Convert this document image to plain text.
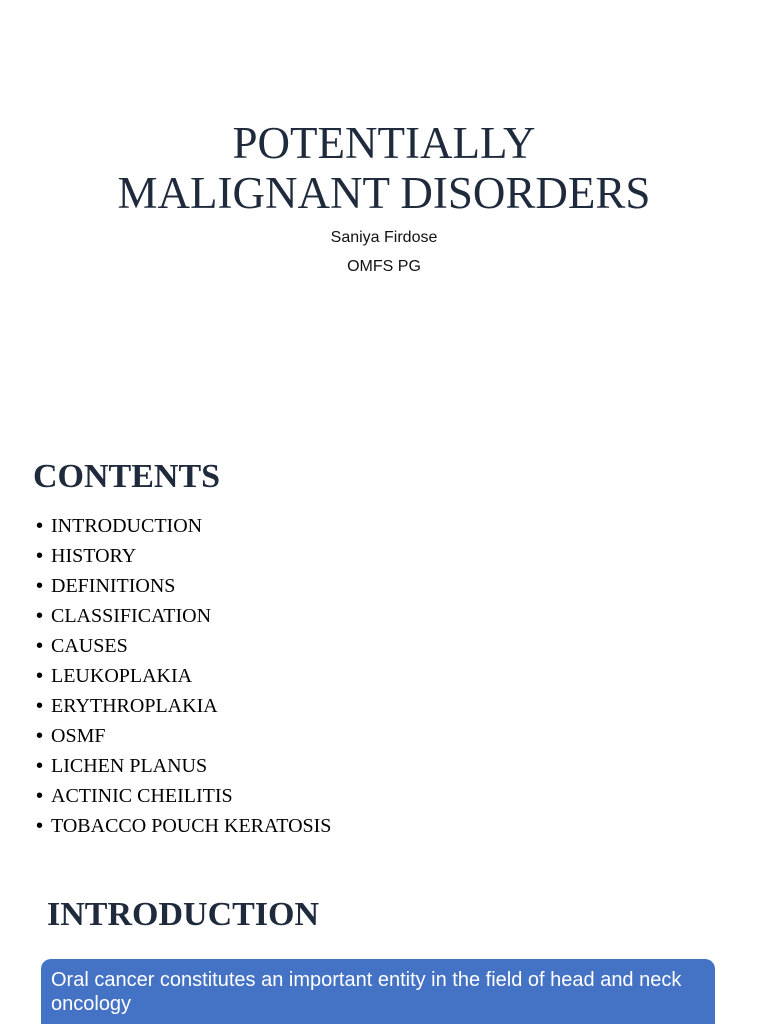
POTENTIALLY
MALIGNANT DISORDERS

Saniya Firdose

OMFS PG

CONTENTS
• INTRODUCTION
• HISTORY
• DEFINITIONS
• CLASSIFICATION
• CAUSES
• LEUKOPLAKIA
• ERYTHROPLAKIA
• OSMF
• LICHEN PLANUS
• ACTINIC CHEILITIS
• TOBACCO POUCH KERATOSIS
INTRODUCTION
Oral cancer constitutes an important entity in the field of head and neck oncology
